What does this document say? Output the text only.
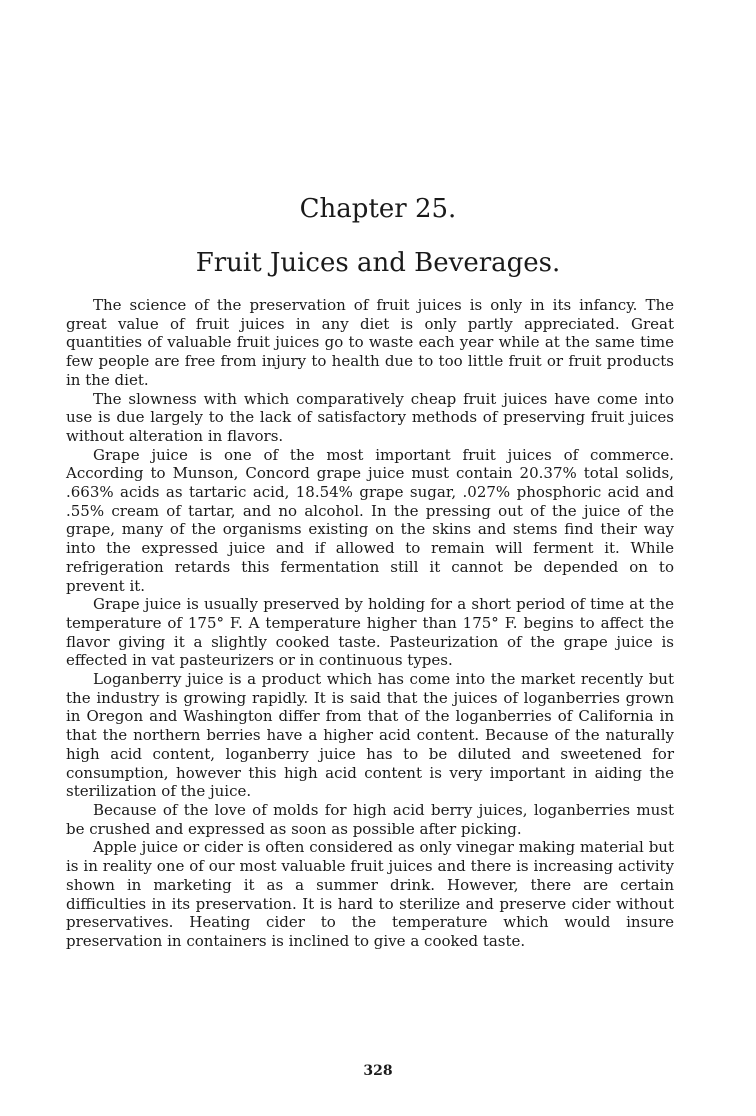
Chapter 25.
Fruit Juices and Beverages.

The science of the preservation of fruit juices is only in its infancy. The great value of fruit juices in any diet is only partly appreciated. Great quantities of valuable fruit juices go to waste each year while at the same time few people are free from injury to health due to too little fruit or fruit products in the diet.

The slowness with which comparatively cheap fruit juices have come into use is due largely to the lack of satisfactory methods of preserving fruit juices without alteration in flavors.

Grape juice is one of the most important fruit juices of commerce. According to Munson, Concord grape juice must contain 20.37% total solids, .663% acids as tartaric acid, 18.54% grape sugar, .027% phosphoric acid and .55% cream of tartar, and no alcohol. In the pressing out of the juice of the grape, many of the organisms existing on the skins and stems find their way into the expressed juice and if allowed to remain will ferment it. While refrigeration retards this fermentation still it cannot be depended on to prevent it.

Grape juice is usually preserved by holding for a short period of time at the temperature of 175° F. A temperature higher than 175° F. begins to affect the flavor giving it a slightly cooked taste. Pasteurization of the grape juice is effected in vat pasteurizers or in continuous types.

Loganberry juice is a product which has come into the market recently but the industry is growing rapidly. It is said that the juices of loganberries grown in Oregon and Washington differ from that of the loganberries of California in that the northern berries have a higher acid content. Because of the naturally high acid content, loganberry juice has to be diluted and sweetened for consumption, however this high acid content is very important in aiding the sterilization of the juice.

Because of the love of molds for high acid berry juices, loganberries must be crushed and expressed as soon as possible after picking.

Apple juice or cider is often considered as only vinegar making material but is in reality one of our most valuable fruit juices and there is increasing activity shown in marketing it as a summer drink. However, there are certain difficulties in its preservation. It is hard to sterilize and preserve cider without preservatives. Heating cider to the temperature which would insure preservation in containers is inclined to give a cooked taste.

328
